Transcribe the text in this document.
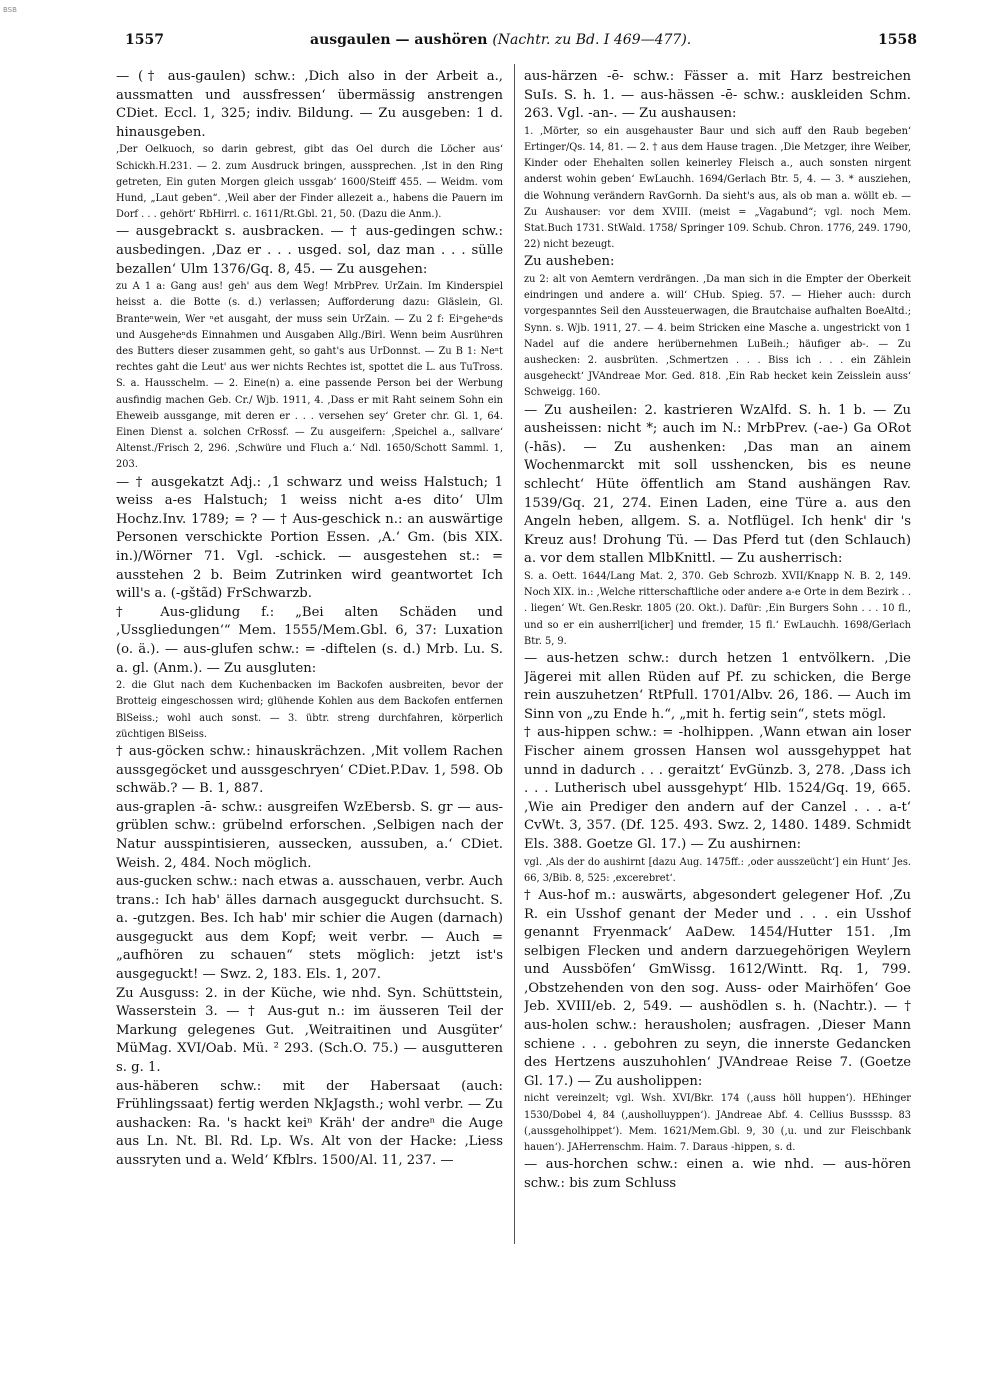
BSB
1557	ausgaulen — aushören (Nachtr. zu Bd. I 469—477).	1558

— († aus-gaulen) schw.: ‚Dich also in der Arbeit a., aussmatten und aussfressen‘ übermässig anstrengen CDiet. Eccl. 1, 325; indiv. Bildung. — Zu ausgeben: 1 d. hinausgeben.

‚Der Oelkuoch, so darin gebrest, gibt das Oel durch die Löcher aus‘ Schickh.H.231. — 2. zum Ausdruck bringen, aussprechen. ‚Ist in den Ring getreten, Ein guten Morgen gleich ussgab‘ 1600/Steiff 455. — Weidm. vom Hund, „Laut geben“. ‚Weil aber der Finder allezeit a., habens die Pauern im Dorf . . . gehört‘ RbHirrl. c. 1611/Rt.Gbl. 21, 50. (Dazu die Anm.).

— ausgebrackt s. ausbracken. — † aus-gedingen schw.: ausbedingen. ‚Daz er . . . usged. sol, daz man . . . sülle bezallen‘ Ulm 1376/Gq. 8, 45. — Zu ausgehen:

zu A 1 a: Gang aus! geh' aus dem Weg! MrbPrev. UrZain. Im Kinderspiel heisst a. die Botte (s. d.) verlassen; Aufforderung dazu: Gläslein, Gl. Branteⁿwein, Wer ⁿet ausgaht, der muss sein UrZain. — Zu 2 f: Eiⁿgeheⁿds und Ausgeheⁿds Einnahmen und Ausgaben Allg./Birl. Wenn beim Ausrühren des Butters dieser zusammen geht, so gaht's aus UrDonnst. — Zu B 1: Neⁿt rechtes gaht die Leut' aus wer nichts Rechtes ist, spottet die L. aus TuTross. S. a. Hausschelm. — 2. Eine(n) a. eine passende Person bei der Werbung ausfindig machen Geb. Cr./ Wjb. 1911, 4. ‚Dass er mit Raht seinem Sohn ein Eheweib aussgange, mit deren er . . . versehen sey‘ Greter chr. Gl. 1, 64. Einen Dienst a. solchen CrRossf. — Zu ausgeifern: ‚Speichel a., sallvare‘ Altenst./Frisch 2, 296. ‚Schwüre und Fluch a.‘ Ndl. 1650/Schott Samml. 1, 203.

— † ausgekatzt Adj.: ‚1 schwarz und weiss Halstuch; 1 weiss a-es Halstuch; 1 weiss nicht a-es dito‘ Ulm Hochz.Inv. 1789; = ? — † Aus-geschick n.: an auswärtige Personen verschickte Portion Essen. ‚A.‘ Gm. (bis XIX. in.)/Wörner 71. Vgl. -schick. — ausgestehen st.: = ausstehen 2 b. Beim Zutrinken wird geantwortet Ich will's a. (-gštãd) FrSchwarzb.

† Aus-glidung f.: „Bei alten Schäden und ‚Ussgliedungen‘“ Mem. 1555/Mem.Gbl. 6, 37: Luxation (o. ä.). — aus-glufen schw.: = -diftelen (s. d.) Mrb. Lu. S. a. gl. (Anm.). — Zu ausgluten:

2. die Glut nach dem Kuchenbacken im Backofen ausbreiten, bevor der Brotteig eingeschossen wird; glühende Kohlen aus dem Backofen entfernen BlSeiss.; wohl auch sonst. — 3. übtr. streng durchfahren, körperlich züchtigen BlSeiss.

† aus-göcken schw.: hinauskrächzen. ‚Mit vollem Rachen aussgegöcket und aussgeschryen‘ CDiet.P.Dav. 1, 598. Ob schwäb.? — B. 1, 887.

aus-graplen -ā- schw.: ausgreifen WzEbersb. S. gr — aus-grüblen schw.: grübelnd erforschen. ‚Selbigen nach der Natur ausspintisieren, aussecken, aussuben, a.‘ CDiet. Weish. 2, 484. Noch möglich.

aus-gucken schw.: nach etwas a. ausschauen, verbr. Auch trans.: Ich hab' älles darnach ausgeguckt durchsucht. S. a. -gutzgen. Bes. Ich hab' mir schier die Augen (darnach) ausgeguckt aus dem Kopf; weit verbr. — Auch = „aufhören zu schauen“ stets möglich: jetzt ist's ausgeguckt! — Swz. 2, 183. Els. 1, 207.

Zu Ausguss: 2. in der Küche, wie nhd. Syn. Schüttstein, Wasserstein 3. — † Aus-gut n.: im äusseren Teil der Markung gelegenes Gut. ‚Weitraitinen und Ausgüter‘ MüMag. XVI/Oab. Mü. ² 293. (Sch.O. 75.) — ausgutteren s. g. 1.

aus-häberen schw.: mit der Habersaat (auch: Frühlingssaat) fertig werden NkJagsth.; wohl verbr. — Zu aushacken: Ra. 's hackt keiⁿ Kräh' der andreⁿ die Auge aus Ln. Nt. Bl. Rd. Lp. Ws. Alt von der Hacke: ‚Liess aussryten und a. Weld‘ Kfblrs. 1500/Al. 11, 237. —

aus-härzen -ē- schw.: Fässer a. mit Harz bestreichen SuIs. S. h. 1. — aus-hässen -ē- schw.: auskleiden Schm. 263. Vgl. -an-. — Zu aushausen:

1. ‚Mörter, so ein ausgehauster Baur und sich auff den Raub begeben‘ Ertinger/Qs. 14, 81. — 2. † aus dem Hause tragen. ‚Die Metzger, ihre Weiber, Kinder oder Ehehalten sollen keinerley Fleisch a., auch sonsten nirgent anderst wohin geben‘ EwLauchh. 1694/Gerlach Btr. 5, 4. — 3. * ausziehen, die Wohnung verändern RavGornh. Da sieht's aus, als ob man a. wöllt eb. — Zu Aushauser: vor dem XVIII. (meist = „Vagabund“; vgl. noch Mem. Stat.Buch 1731. StWald. 1758/ Springer 109. Schub. Chron. 1776, 249. 1790, 22) nicht bezeugt.

Zu ausheben:

zu 2: alt von Aemtern verdrängen. ‚Da man sich in die Empter der Oberkeit eindringen und andere a. will‘ CHub. Spieg. 57. — Hieher auch: durch vorgespanntes Seil den Aussteuerwagen, die Brautchaise aufhalten BoeAltd.; Synn. s. Wjb. 1911, 27. — 4. beim Stricken eine Masche a. ungestrickt von 1 Nadel auf die andere herübernehmen LuBeih.; häufiger ab-. — Zu aushecken: 2. ausbrüten. ‚Schmertzen . . . Biss ich . . . ein Zählein ausgeheckt‘ JVAndreae Mor. Ged. 818. ‚Ein Rab hecket kein Zeisslein auss‘ Schweigg. 160.

— Zu ausheilen: 2. kastrieren WzAlfd. S. h. 1 b. — Zu ausheissen: nicht *; auch im N.: MrbPrev. (-ae-) Ga ORot (-hãs). — Zu aushenken: ‚Das man an ainem Wochenmarckt mit soll usshencken, bis es neune schlecht‘ Hüte öffentlich am Stand aushängen Rav. 1539/Gq. 21, 274. Einen Laden, eine Türe a. aus den Angeln heben, allgem. S. a. Notflügel. Ich henk' dir 's Kreuz aus! Drohung Tü. — Das Pferd tut (den Schlauch) a. vor dem stallen MlbKnittl. — Zu ausherrisch:

S. a. Oett. 1644/Lang Mat. 2, 370. Geb Schrozb. XVII/Knapp N. B. 2, 149. Noch XIX. in.: ‚Welche ritterschaftliche oder andere a-e Orte in dem Bezirk . . . liegen‘ Wt. Gen.Reskr. 1805 (20. Okt.). Dafür: ‚Ein Burgers Sohn . . . 10 fl., und so er ein ausherrl[icher] und fremder, 15 fl.‘ EwLauchh. 1698/Gerlach Btr. 5, 9.

— aus-hetzen schw.: durch hetzen 1 entvölkern. ‚Die Jägerei mit allen Rüden auf Pf. zu schicken, die Berge rein auszuhetzen‘ RtPfull. 1701/Albv. 26, 186. — Auch im Sinn von „zu Ende h.“, „mit h. fertig sein“, stets mögl.

† aus-hippen schw.: = -holhippen. ‚Wann etwan ain loser Fischer ainem grossen Hansen wol aussgehyppet hat unnd in dadurch . . . geraitzt‘ EvGünzb. 3, 278. ‚Dass ich . . . Lutherisch ubel aussgehypt‘ Hlb. 1524/Gq. 19, 665. ‚Wie ain Prediger den andern auf der Canzel . . . a-t‘ CvWt. 3, 357. (Df. 125. 493. Swz. 2, 1480. 1489. Schmidt Els. 388. Goetze Gl. 17.) — Zu aushirnen:

vgl. ‚Als der do aushirnt [dazu Aug. 1475ff.: ‚oder ausszeücht‘] ein Hunt‘ Jes. 66, 3/Bib. 8, 525: ‚excerebret‘.

† Aus-hof m.: auswärts, abgesondert gelegener Hof. ‚Zu R. ein Usshof genant der Meder und . . . ein Usshof genannt Fryenmack‘ AaDew. 1454/Hutter 151. ‚Im selbigen Flecken und andern darzuegehörigen Weylern und Aussböfen‘ GmWissg. 1612/Wintt. Rq. 1, 799. ‚Obstzehenden von den sog. Auss- oder Mairhöfen‘ Goe Jeb. XVIII/eb. 2, 549. — aushödlen s. h. (Nachtr.). — † aus-holen schw.: herausholen; ausfragen. ‚Dieser Mann schiene . . . gebohren zu seyn, die innerste Gedancken des Hertzens auszuhohlen‘ JVAndreae Reise 7. (Goetze Gl. 17.) — Zu ausholippen:

nicht vereinzelt; vgl. Wsh. XVI/Bkr. 174 (‚auss höll huppen‘). HEhinger 1530/Dobel 4, 84 (‚ausholluyppen‘). JAndreae Abf. 4. Cellius Bussssp. 83 (‚aussgeholhippet‘). Mem. 1621/Mem.Gbl. 9, 30 (‚u. und zur Fleischbank hauen‘). JAHerrenschm. Haim. 7. Daraus -hippen, s. d.

— aus-horchen schw.: einen a. wie nhd. — aus-hören schw.: bis zum Schluss
